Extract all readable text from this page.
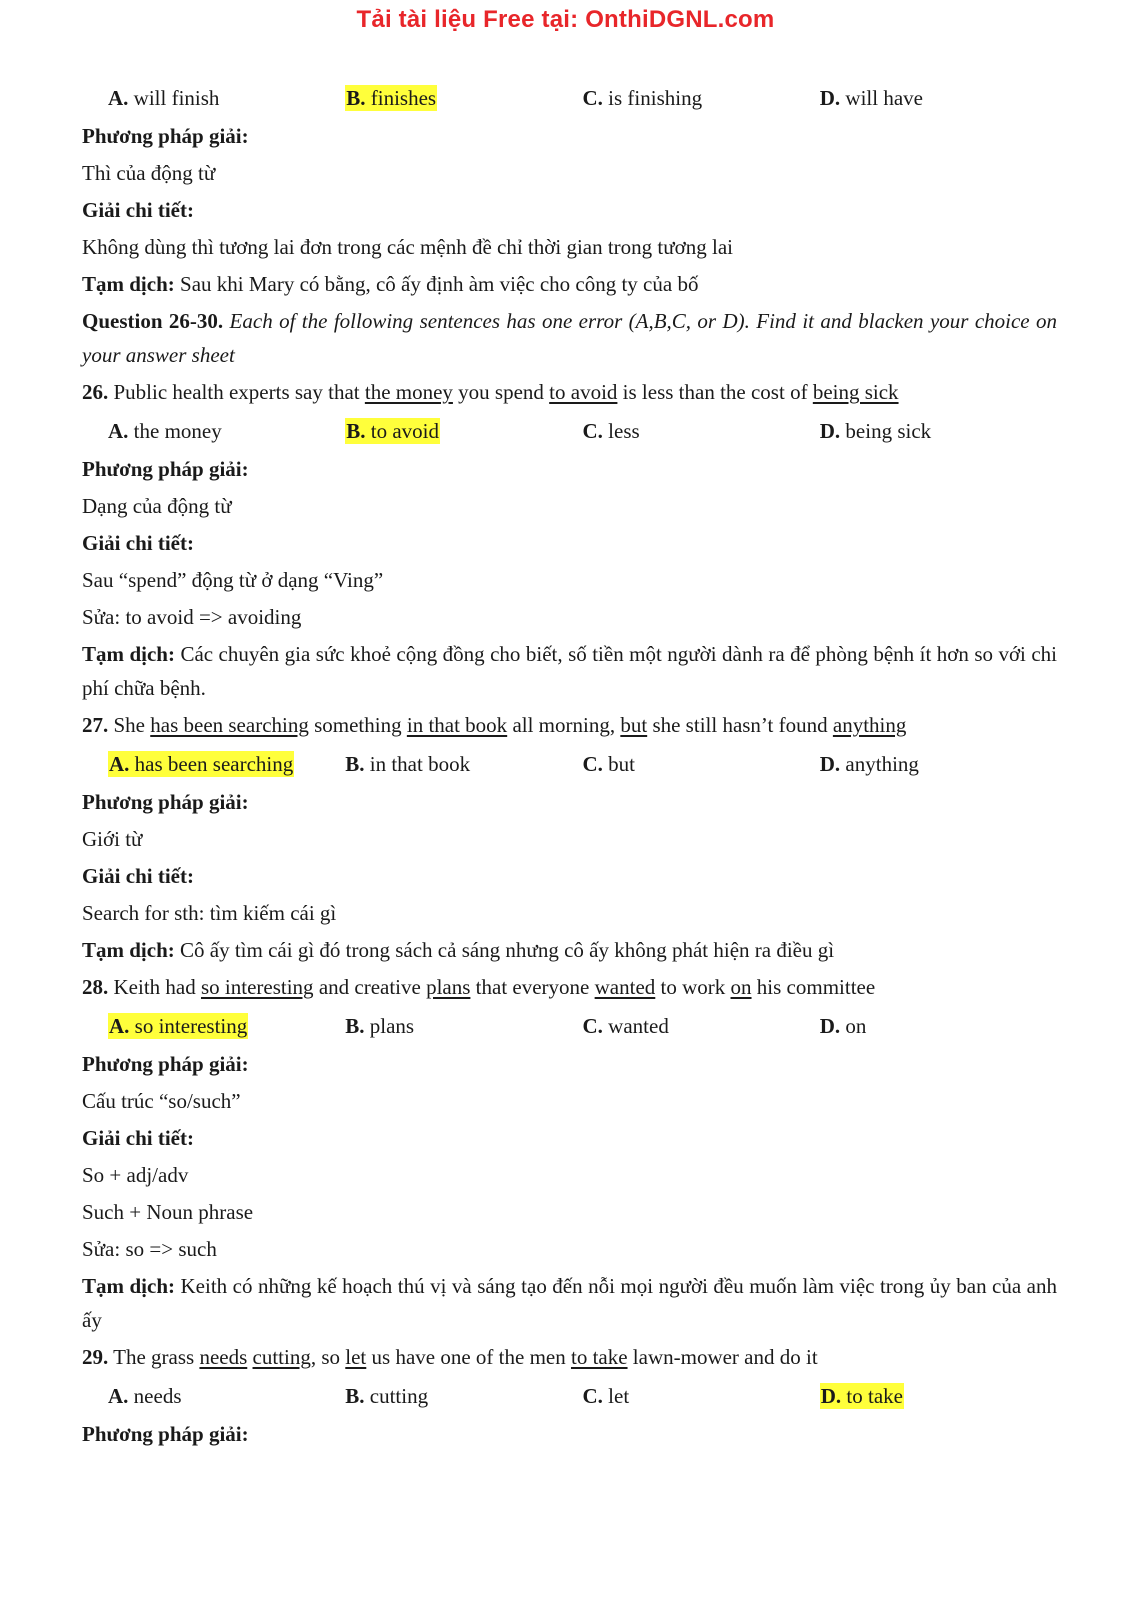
Tải tài liệu Free tại: OnthiDGNL.com
A. will finish	B. finishes	C. is finishing	D. will have

Phương pháp giải:

Thì của động từ

Giải chi tiết:

Không dùng thì tương lai đơn trong các mệnh đề chỉ thời gian trong tương lai

Tạm dịch: Sau khi Mary có bằng, cô ấy định àm việc cho công ty của bố

Question 26-30. Each of the following sentences has one error (A,B,C, or D). Find it and blacken your choice on your answer sheet

26. Public health experts say that the money you spend to avoid is less than the cost of being sick

A. the money	B. to avoid	C. less	D. being sick

Phương pháp giải:

Dạng của động từ

Giải chi tiết:

Sau “spend” động từ ở dạng “Ving”

Sửa: to avoid => avoiding

Tạm dịch: Các chuyên gia sức khoẻ cộng đồng cho biết, số tiền một người dành ra để phòng bệnh ít hơn so với chi phí chữa bệnh.

27. She has been searching something in that book all morning, but she still hasn’t found anything

A. has been searching	B. in that book	C. but	D. anything

Phương pháp giải:

Giới từ

Giải chi tiết:

Search for sth: tìm kiếm cái gì

Tạm dịch: Cô ấy tìm cái gì đó trong sách cả sáng nhưng cô ấy không phát hiện ra điều gì

28. Keith had so interesting and creative plans that everyone wanted to work on his committee

A. so interesting	B. plans	C. wanted	D. on

Phương pháp giải:

Cấu trúc “so/such”

Giải chi tiết:

So + adj/adv

Such + Noun phrase

Sửa: so => such

Tạm dịch: Keith có những kế hoạch thú vị và sáng tạo đến nỗi mọi người đều muốn làm việc trong ủy ban của anh ấy

29. The grass needs cutting, so let us have one of the men to take lawn-mower and do it

A. needs	B. cutting	C. let	D. to take

Phương pháp giải:
